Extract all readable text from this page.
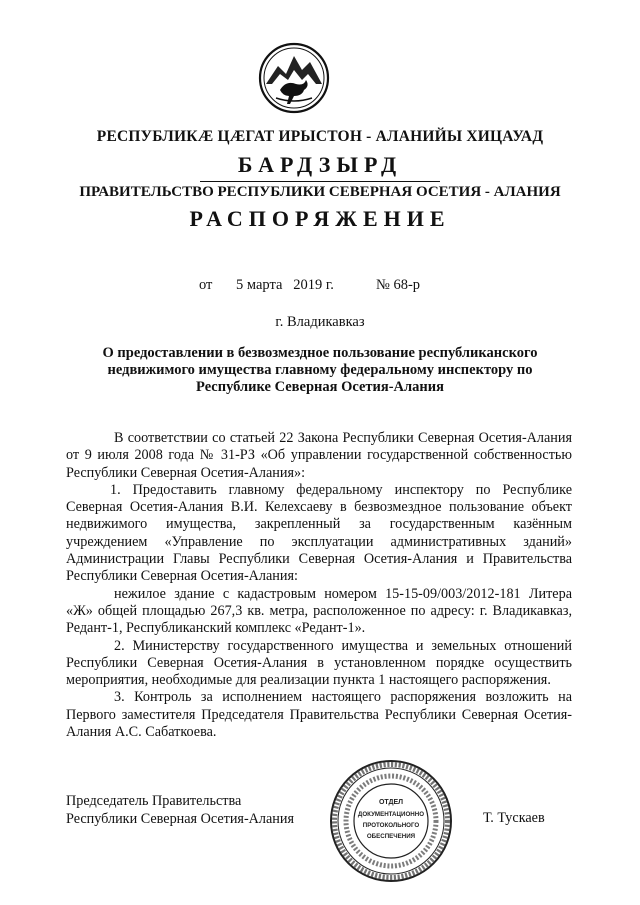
РЕСПУБЛИКӔ ЦӔГАТ ИРЫСТОН - АЛАНИЙЫ ХИЦАУАД
БАРДЗЫРД
ПРАВИТЕЛЬСТВО РЕСПУБЛИКИ СЕВЕРНАЯ ОСЕТИЯ - АЛАНИЯ
РАСПОРЯЖЕНИЕ
от 5 марта   2019 г.	№ 68-р
г. Владикавказ
О предоставлении в безвозмездное пользование республиканского недвижимого имущества главному федеральному инспектору по Республике Северная Осетия-Алания

В соответствии со статьей 22 Закона Республики Северная Осетия-Алания от 9 июля 2008 года № 31-РЗ «Об управлении государственной собственностью Республики Северная Осетия-Алания»:

1. Предоставить главному федеральному инспектору по Республике Северная Осетия-Алания В.И. Келехсаеву в безвозмездное пользование объект недвижимого имущества, закрепленный за государственным казённым учреждением «Управление по эксплуатации административных зданий» Администрации Главы Республики Северная Осетия-Алания и Правительства Республики Северная Осетия-Алания:

нежилое здание с кадастровым номером 15-15-09/003/2012-181 Литера «Ж» общей площадью 267,3 кв. метра, расположенное по адресу: г. Владикавказ, Редант-1, Республиканский комплекс «Редант-1».

2. Министерству государственного имущества и земельных отношений Республики Северная Осетия-Алания в установленном порядке осуществить мероприятия, необходимые для реализации пункта 1 настоящего распоряжения.

3. Контроль за исполнением настоящего распоряжения возложить на Первого заместителя Председателя Правительства Республики Северная Осетия-Алания А.С. Сабаткоева.

Председатель Правительства
Республики Северная Осетия-Алания	Т. Тускаев
ОТДЕЛ
ДОКУМЕНТАЦИОННО
ПРОТОКОЛЬНОГО
ОБЕСПЕЧЕНИЯ
